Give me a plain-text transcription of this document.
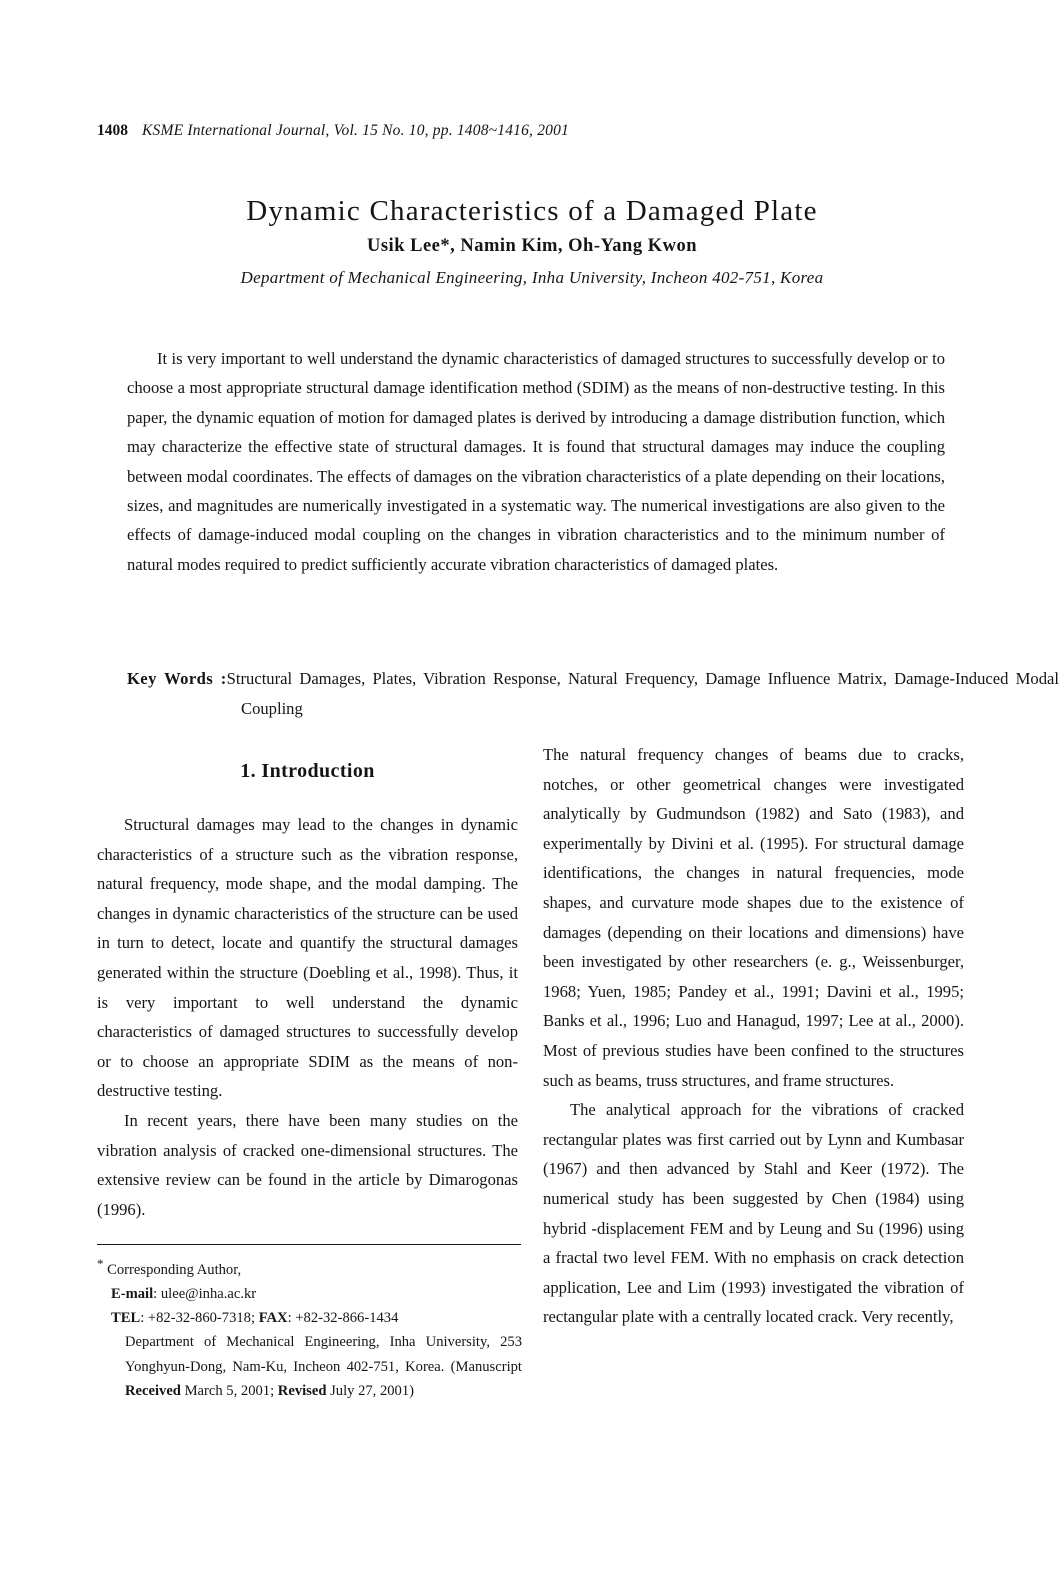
1408 KSME International Journal, Vol. 15 No. 10, pp. 1408~1416, 2001
Dynamic Characteristics of a Damaged Plate
Usik Lee*, Namin Kim, Oh-Yang Kwon
Department of Mechanical Engineering, Inha University, Incheon 402-751, Korea
It is very important to well understand the dynamic characteristics of damaged structures to successfully develop or to choose a most appropriate structural damage identification method (SDIM) as the means of non-destructive testing. In this paper, the dynamic equation of motion for damaged plates is derived by introducing a damage distribution function, which may characterize the effective state of structural damages. It is found that structural damages may induce the coupling between modal coordinates. The effects of damages on the vibration characteristics of a plate depending on their locations, sizes, and magnitudes are numerically investigated in a systematic way. The numerical investigations are also given to the effects of damage-induced modal coupling on the changes in vibration characteristics and to the minimum number of natural modes required to predict sufficiently accurate vibration characteristics of damaged plates.
Key Words :Structural Damages, Plates, Vibration Response, Natural Frequency, Damage Influence Matrix, Damage-Induced Modal Coupling
1. Introduction

Structural damages may lead to the changes in dynamic characteristics of a structure such as the vibration response, natural frequency, mode shape, and the modal damping. The changes in dynamic characteristics of the structure can be used in turn to detect, locate and quantify the structural damages generated within the structure (Doebling et al., 1998). Thus, it is very important to well understand the dynamic characteristics of damaged structures to successfully develop or to choose an appropriate SDIM as the means of non-destructive testing.

In recent years, there have been many studies on the vibration analysis of cracked one-dimensional structures. The extensive review can be found in the article by Dimarogonas (1996).

The natural frequency changes of beams due to cracks, notches, or other geometrical changes were investigated analytically by Gudmundson (1982) and Sato (1983), and experimentally by Divini et al. (1995). For structural damage identifications, the changes in natural frequencies, mode shapes, and curvature mode shapes due to the existence of damages (depending on their locations and dimensions) have been investigated by other researchers (e. g., Weissenburger, 1968; Yuen, 1985; Pandey et al., 1991; Davini et al., 1995; Banks et al., 1996; Luo and Hanagud, 1997; Lee at al., 2000). Most of previous studies have been confined to the structures such as beams, truss structures, and frame structures.

The analytical approach for the vibrations of cracked rectangular plates was first carried out by Lynn and Kumbasar (1967) and then advanced by Stahl and Keer (1972). The numerical study has been suggested by Chen (1984) using hybrid -displacement FEM and by Leung and Su (1996) using a fractal two level FEM. With no emphasis on crack detection application, Lee and Lim (1993) investigated the vibration of rectangular plate with a centrally located crack. Very recently,

* Corresponding Author,
E-mail: ulee@inha.ac.kr
TEL: +82-32-860-7318; FAX: +82-32-866-1434
Department of Mechanical Engineering, Inha University, 253 Yonghyun-Dong, Nam-Ku, Incheon 402-751, Korea. (Manuscript Received March 5, 2001; Revised July 27, 2001)
